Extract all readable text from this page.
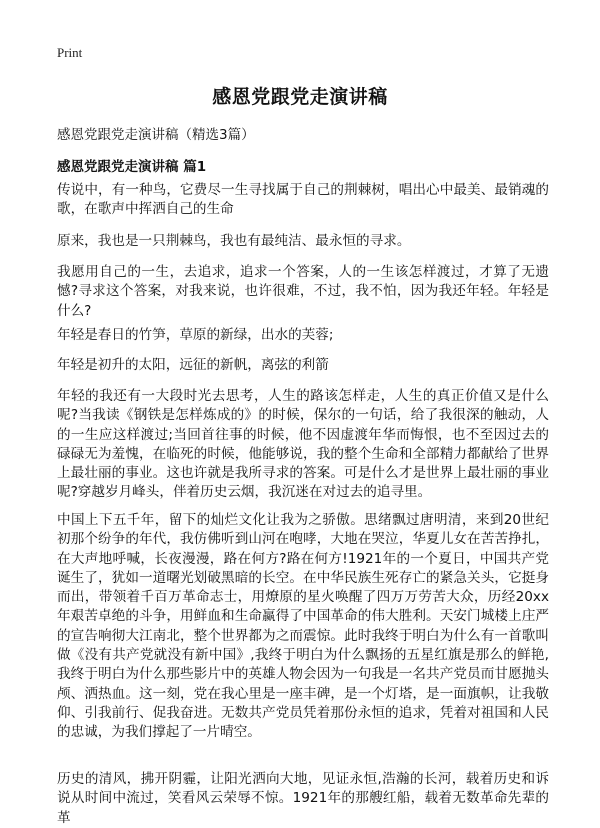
Print
感恩党跟党走演讲稿
感恩党跟党走演讲稿（精选3篇）
感恩党跟党走演讲稿 篇1

传说中，有一种鸟，它费尽一生寻找属于自己的荆棘树，唱出心中最美、最销魂的歌，在歌声中挥洒自己的生命

原来，我也是一只荆棘鸟，我也有最纯洁、最永恒的寻求。

我愿用自己的一生，去追求，追求一个答案，人的一生该怎样渡过，才算了无遗憾?寻求这个答案，对我来说，也许很难，不过，我不怕，因为我还年轻。年轻是什么?

年轻是春日的竹笋，草原的新绿，出水的芙蓉;

年轻是初升的太阳，远征的新帆，离弦的利箭

年轻的我还有一大段时光去思考，人生的路该怎样走，人生的真正价值又是什么呢?当我读《钢铁是怎样炼成的》的时候，保尔的一句话，给了我很深的触动，人的一生应这样渡过;当回首往事的时候，他不因虚渡年华而悔恨，也不至因过去的碌碌无为羞愧，在临死的时候，他能够说，我的整个生命和全部精力都献给了世界上最壮丽的事业。这也许就是我所寻求的答案。可是什么才是世界上最壮丽的事业呢?穿越岁月峰头，伴着历史云烟，我沉迷在对过去的追寻里。

中国上下五千年，留下的灿烂文化让我为之骄傲。思绪飘过唐明清，来到20世纪初那个纷争的年代，我仿佛听到山河在咆哮，大地在哭泣，华夏儿女在苦苦挣扎，在大声地呼喊，长夜漫漫，路在何方?路在何方!1921年的一个夏日，中国共产党诞生了，犹如一道曙光划破黑暗的长空。在中华民族生死存亡的紧急关头，它挺身而出，带领着千百万革命志士，用燎原的星火唤醒了四万万劳苦大众，历经20xx年艰苦卓绝的斗争，用鲜血和生命赢得了中国革命的伟大胜利。天安门城楼上庄严的宣告响彻大江南北，整个世界都为之而震惊。此时我终于明白为什么有一首歌叫做《没有共产党就没有新中国》,我终于明白为什么飘扬的五星红旗是那么的鲜艳,我终于明白为什么那些影片中的英雄人物会因为一句我是一名共产党员而甘愿抛头颅、洒热血。这一刻，党在我心里是一座丰碑，是一个灯塔，是一面旗帜，让我敬仰、引我前行、促我奋进。无数共产党员凭着那份永恒的追求，凭着对祖国和人民的忠诚，为我们撑起了一片晴空。

历史的清风，拂开阴霾，让阳光洒向大地，见证永恒,浩瀚的长河，载着历史和诉说从时间中流过，笑看风云荣辱不惊。1921年的那艘红船，载着无数革命先辈的革
